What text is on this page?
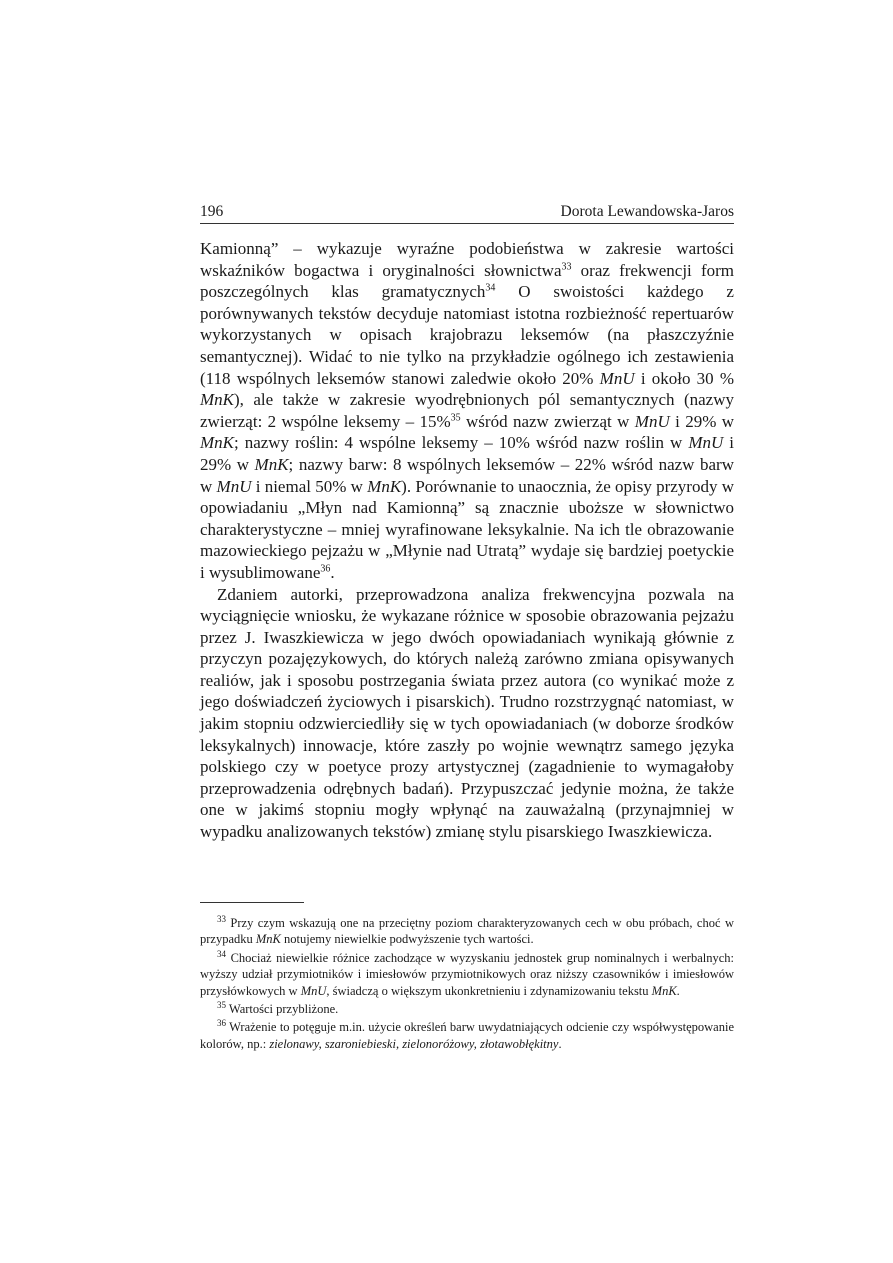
196	Dorota Lewandowska-Jaros

Kamionną” – wykazuje wyraźne podobieństwa w zakresie wartości wskaźników bogactwa i oryginalności słownictwa$^{33}$ oraz frekwencji form poszczególnych klas gramatycznych$^{34}$ O swoistości każdego z porównywanych tekstów decyduje natomiast istotna rozbieżność repertuarów wykorzystanych w opisach krajobrazu leksemów (na płaszczyźnie semantycznej). Widać to nie tylko na przykładzie ogólnego ich zestawienia (118 wspólnych leksemów stanowi zaledwie około 20% MnU i około 30 % MnK), ale także w zakresie wyodrębnionych pól semantycznych (nazwy zwierząt: 2 wspólne leksemy – 15%$^{35}$ wśród nazw zwierząt w MnU i 29% w MnK; nazwy roślin: 4 wspólne leksemy – 10% wśród nazw roślin w MnU i 29% w MnK; nazwy barw: 8 wspólnych leksemów – 22% wśród nazw barw w MnU i niemal 50% w MnK). Porównanie to unaocznia, że opisy przyrody w opowiadaniu „Młyn nad Kamionną” są znacznie uboższe w słownictwo charakterystyczne – mniej wyrafinowane leksykalnie. Na ich tle obrazowanie mazowieckiego pejzażu w „Młynie nad Utratą” wydaje się bardziej poetyckie i wysublimowane$^{36}$.

Zdaniem autorki, przeprowadzona analiza frekwencyjna pozwala na wyciągnięcie wniosku, że wykazane różnice w sposobie obrazowania pejzażu przez J. Iwaszkiewicza w jego dwóch opowiadaniach wynikają głównie z przyczyn pozajęzykowych, do których należą zarówno zmiana opisywanych realiów, jak i sposobu postrzegania świata przez autora (co wynikać może z jego doświadczeń życiowych i pisarskich). Trudno rozstrzygnąć natomiast, w jakim stopniu odzwierciedliły się w tych opowiadaniach (w doborze środków leksykalnych) innowacje, które zaszły po wojnie wewnątrz samego języka polskiego czy w poetyce prozy artystycznej (zagadnienie to wymagałoby przeprowadzenia odrębnych badań). Przypuszczać jedynie można, że także one w jakimś stopniu mogły wpłynąć na zauważalną (przynajmniej w wypadku analizowanych tekstów) zmianę stylu pisarskiego Iwaszkiewicza.

$^{33}$ Przy czym wskazują one na przeciętny poziom charakteryzowanych cech w obu próbach, choć w przypadku MnK notujemy niewielkie podwyższenie tych wartości.

$^{34}$ Chociaż niewielkie różnice zachodzące w wyzyskaniu jednostek grup nominalnych i werbalnych: wyższy udział przymiotników i imiesłowów przymiotnikowych oraz niższy czasowników i imiesłowów przysłówkowych w MnU, świadczą o większym ukonkretnieniu i zdynamizowaniu tekstu MnK.

$^{35}$ Wartości przybliżone.

$^{36}$ Wrażenie to potęguje m.in. użycie określeń barw uwydatniających odcienie czy współwystępowanie kolorów, np.: zielonawy, szaroniebieski, zielonoróżowy, złotawobłękitny.
